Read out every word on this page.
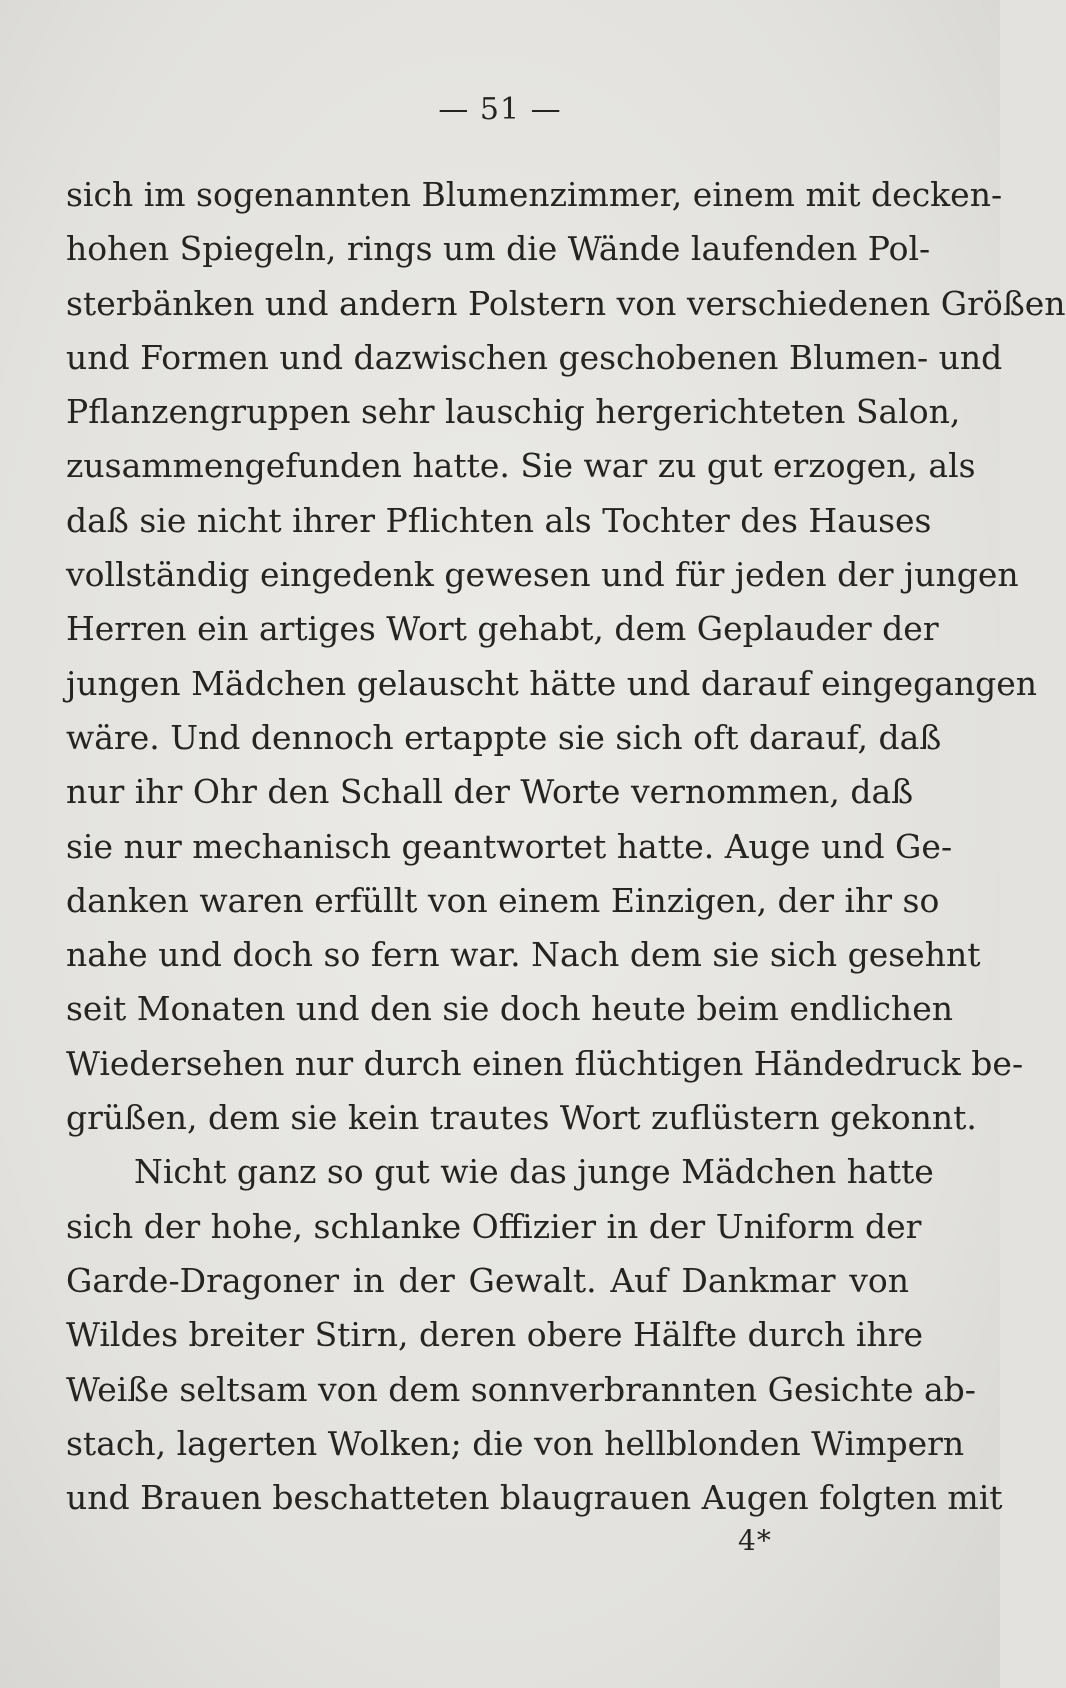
— 51 —
sich im sogenannten Blumenzimmer, einem mit decken-
hohen Spiegeln, rings um die Wände laufenden Pol-
sterbänken und andern Polstern von verschiedenen Größen
und Formen und dazwischen geschobenen Blumen- und
Pflanzengruppen sehr lauschig hergerichteten Salon,
zusammengefunden hatte. Sie war zu gut erzogen, als
daß sie nicht ihrer Pflichten als Tochter des Hauses
vollständig eingedenk gewesen und für jeden der jungen
Herren ein artiges Wort gehabt, dem Geplauder der
jungen Mädchen gelauscht hätte und darauf eingegangen
wäre. Und dennoch ertappte sie sich oft darauf, daß
nur ihr Ohr den Schall der Worte vernommen, daß
sie nur mechanisch geantwortet hatte. Auge und Ge-
danken waren erfüllt von einem Einzigen, der ihr so
nahe und doch so fern war. Nach dem sie sich gesehnt
seit Monaten und den sie doch heute beim endlichen
Wiedersehen nur durch einen flüchtigen Händedruck be-
grüßen, dem sie kein trautes Wort zuflüstern gekonnt.
Nicht ganz so gut wie das junge Mädchen hatte
sich der hohe, schlanke Offizier in der Uniform der
Garde-Dragoner in der Gewalt. Auf Dankmar von
Wildes breiter Stirn, deren obere Hälfte durch ihre
Weiße seltsam von dem sonnverbrannten Gesichte ab-
stach, lagerten Wolken; die von hellblonden Wimpern
und Brauen beschatteten blaugrauen Augen folgten mit
4*
